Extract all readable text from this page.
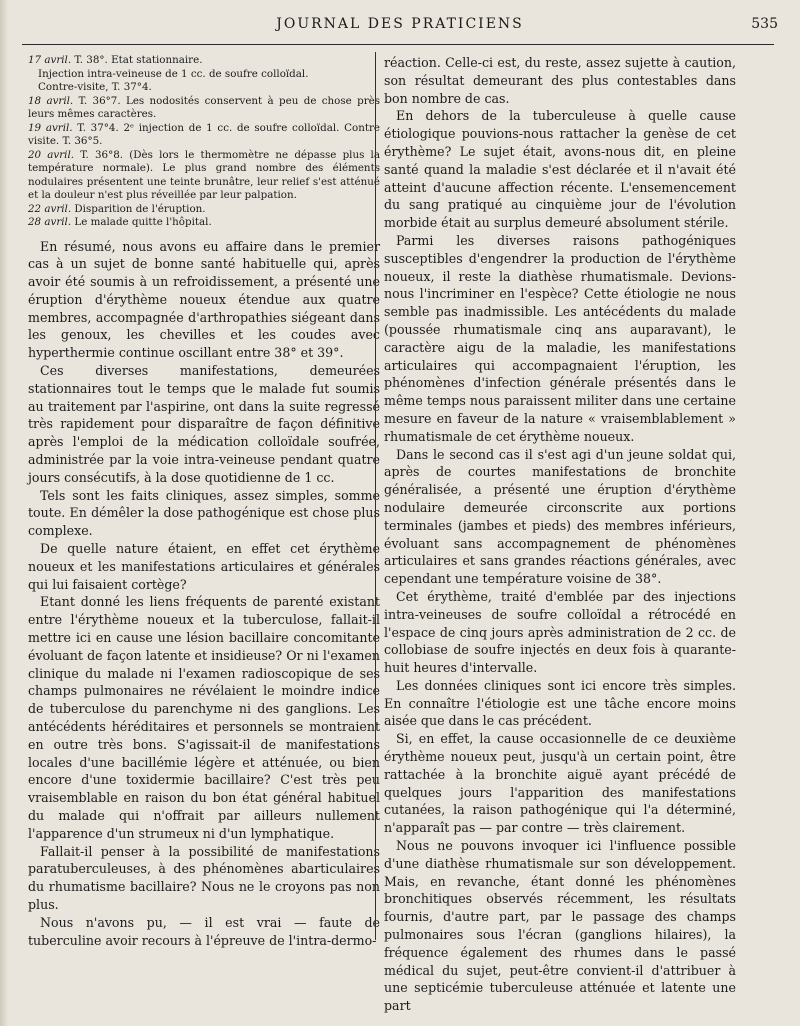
JOURNAL DES PRATICIENS	535

17 avril. T. 38°. Etat stationnaire.

Injection intra-veineuse de 1 cc. de soufre colloïdal.

Contre-visite, T. 37°4.

18 avril. T. 36°7. Les nodosités conservent à peu de chose près leurs mêmes caractères.

19 avril. T. 37°4. 2ᵉ injection de 1 cc. de soufre colloïdal. Contre visite. T. 36°5.

20 avril. T. 36°8. (Dès lors le thermomètre ne dépasse plus la température normale). Le plus grand nombre des éléments nodulaires présentent une teinte brunâtre, leur relief s'est atténué et la douleur n'est plus réveillée par leur palpation.

22 avril. Disparition de l'éruption.

28 avril. Le malade quitte l'hôpital.

En résumé, nous avons eu affaire dans le premier cas à un sujet de bonne santé habituelle qui, après avoir été soumis à un refroidissement, a présenté une éruption d'érythème noueux étendue aux quatre membres, accompagnée d'arthropathies siégeant dans les genoux, les chevilles et les coudes avec hyperthermie continue oscillant entre 38° et 39°.

Ces diverses manifestations, demeurées stationnaires tout le temps que le malade fut soumis au traitement par l'aspirine, ont dans la suite regressé très rapidement pour disparaître de façon définitive après l'emploi de la médication colloïdale soufrée, administrée par la voie intra-veineuse pendant quatre jours consécutifs, à la dose quotidienne de 1 cc.

Tels sont les faits cliniques, assez simples, somme toute. En démêler la dose pathogénique est chose plus complexe.

De quelle nature étaient, en effet cet érythème noueux et les manifestations articulaires et générales qui lui faisaient cortège?

Etant donné les liens fréquents de parenté existant entre l'érythème noueux et la tuberculose, fallait-il mettre ici en cause une lésion bacillaire concomitante évoluant de façon latente et insidieuse? Or ni l'examen clinique du malade ni l'examen radioscopique de ses champs pulmonaires ne révélaient le moindre indice de tuberculose du parenchyme ni des ganglions. Les antécédents héréditaires et personnels se montraient en outre très bons. S'agissait-il de manifestations locales d'une bacillémie légère et atténuée, ou bien encore d'une toxidermie bacillaire? C'est très peu vraisemblable en raison du bon état général habituel du malade qui n'offrait par ailleurs nullement l'apparence d'un strumeux ni d'un lymphatique.

Fallait-il penser à la possibilité de manifestations paratuberculeuses, à des phénomènes abarticulaires du rhumatisme bacillaire? Nous ne le croyons pas non plus.

Nous n'avons pu, — il est vrai — faute de tuberculine avoir recours à l'épreuve de l'intra-dermo-

réaction. Celle-ci est, du reste, assez sujette à caution, son résultat demeurant des plus contestables dans bon nombre de cas.

En dehors de la tuberculeuse à quelle cause étiologique pouvions-nous rattacher la genèse de cet érythème? Le sujet était, avons-nous dit, en pleine santé quand la maladie s'est déclarée et il n'avait été atteint d'aucune affection récente. L'ensemencement du sang pratiqué au cinquième jour de l'évolution morbide était au surplus demeuré absolument stérile.

Parmi les diverses raisons pathogéniques susceptibles d'engendrer la production de l'érythème noueux, il reste la diathèse rhumatismale. Devions-nous l'incriminer en l'espèce? Cette étiologie ne nous semble pas inadmissible. Les antécédents du malade (poussée rhumatismale cinq ans auparavant), le caractère aigu de la maladie, les manifestations articulaires qui accompagnaient l'éruption, les phénomènes d'infection générale présentés dans le même temps nous paraissent militer dans une certaine mesure en faveur de la nature « vraisemblablement » rhumatismale de cet érythème noueux.

Dans le second cas il s'est agi d'un jeune soldat qui, après de courtes manifestations de bronchite généralisée, a présenté une éruption d'érythème nodulaire demeurée circonscrite aux portions terminales (jambes et pieds) des membres inférieurs, évoluant sans accompagnement de phénomènes articulaires et sans grandes réactions générales, avec cependant une température voisine de 38°.

Cet érythème, traité d'emblée par des injections intra-veineuses de soufre colloïdal a rétrocédé en l'espace de cinq jours après administration de 2 cc. de collobiase de soufre injectés en deux fois à quarante-huit heures d'intervalle.

Les données cliniques sont ici encore très simples. En connaître l'étiologie est une tâche encore moins aisée que dans le cas précédent.

Si, en effet, la cause occasionnelle de ce deuxième érythème noueux peut, jusqu'à un certain point, être rattachée à la bronchite aiguë ayant précédé de quelques jours l'apparition des manifestations cutanées, la raison pathogénique qui l'a déterminé, n'apparaît pas — par contre — très clairement.

Nous ne pouvons invoquer ici l'influence possible d'une diathèse rhumatismale sur son développement. Mais, en revanche, étant donné les phénomènes bronchitiques observés récemment, les résultats fournis, d'autre part, par le passage des champs pulmonaires sous l'écran (ganglions hilaires), la fréquence également des rhumes dans le passé médical du sujet, peut-être convient-il d'attribuer à une septicémie tuberculeuse atténuée et latente une part
